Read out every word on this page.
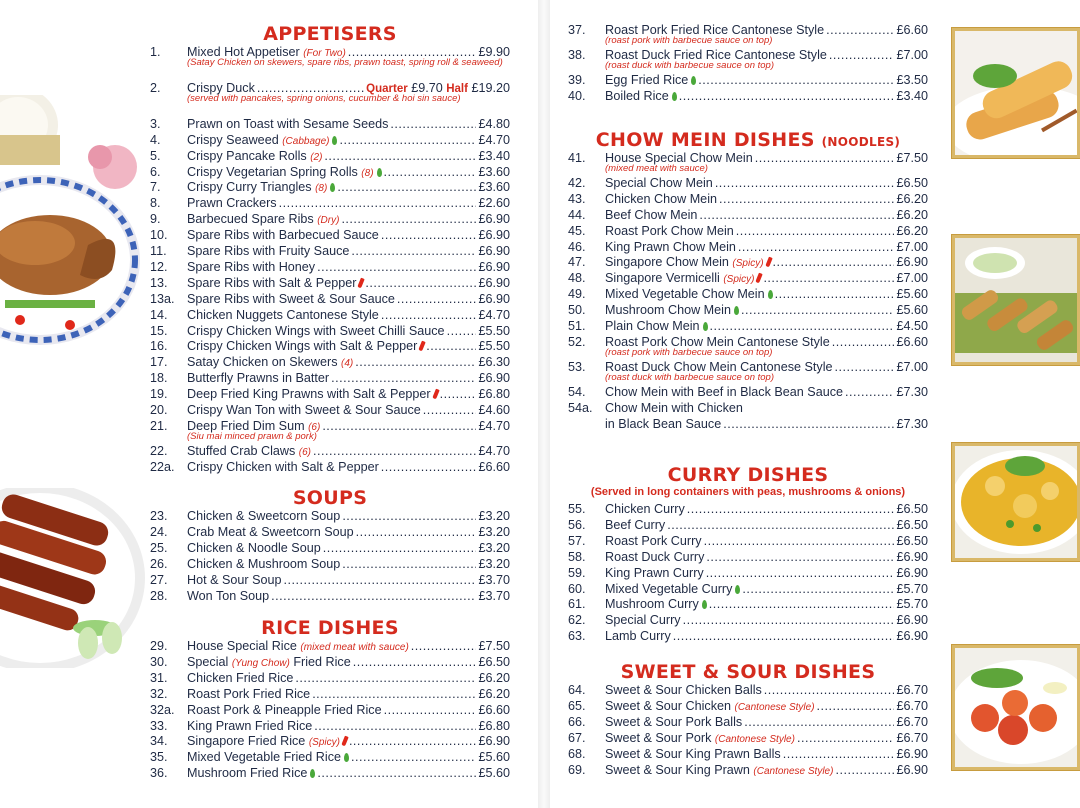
APPETISERS
1.	Mixed Hot Appetiser (For Two) .....	£9.90
(Satay Chicken on skewers, spare ribs, prawn toast, spring roll & seaweed)
2.	Crispy Duck .....	Quarter £9.70 Half £19.20
(served with pancakes, spring onions, cucumber & hoi sin sauce)
3.	Prawn on Toast with Sesame Seeds .....	£4.80
4.	Crispy Seaweed (Cabbage) .....	£4.70
5.	Crispy Pancake Rolls (2) .....	£3.40
6.	Crispy Vegetarian Spring Rolls (8) .....	£3.60
7.	Crispy Curry Triangles (8) .....	£3.60
8.	Prawn Crackers .....	£2.60
9.	Barbecued Spare Ribs (Dry) .....	£6.90
10.	Spare Ribs with Barbecued Sauce .....	£6.90
11.	Spare Ribs with Fruity Sauce .....	£6.90
12.	Spare Ribs with Honey .....	£6.90
13.	Spare Ribs with Salt & Pepper .....	£6.90
13a. Spare Ribs with Sweet & Sour Sauce .....	£6.90
14.	Chicken Nuggets Cantonese Style .....	£4.70
15.	Crispy Chicken Wings with Sweet Chilli Sauce .....	£5.50
16.	Crispy Chicken Wings with Salt & Pepper .....	£5.50
17.	Satay Chicken on Skewers (4) .....	£6.30
18.	Butterfly Prawns in Batter .....	£6.90
19.	Deep Fried King Prawns with Salt & Pepper .....	£6.80
20.	Crispy Wan Ton with Sweet & Sour Sauce .....	£4.60
21.	Deep Fried Dim Sum (6) .....	£4.70
(Siu mai minced prawn & pork)
22.	Stuffed Crab Claws (6) .....	£4.70
22a. Crispy Chicken with Salt & Pepper .....	£6.60
SOUPS
23.	Chicken & Sweetcorn Soup .....	£3.20
24.	Crab Meat & Sweetcorn Soup .....	£3.20
25.	Chicken & Noodle Soup .....	£3.20
26.	Chicken & Mushroom Soup .....	£3.20
27.	Hot & Sour Soup .....	£3.70
28.	Won Ton Soup .....	£3.70
RICE DISHES
29.	House Special Rice (mixed meat with sauce) .....	£7.50
30.	Special (Yung Chow) Fried Rice .....	£6.50
31.	Chicken Fried Rice .....	£6.20
32.	Roast Pork Fried Rice .....	£6.20
32a. Roast Pork & Pineapple Fried Rice .....	£6.60
33.	King Prawn Fried Rice .....	£6.80
34.	Singapore Fried Rice (Spicy) .....	£6.90
35.	Mixed Vegetable Fried Rice .....	£5.60
36.	Mushroom Fried Rice .....	£5.60
37.	Roast Pork Fried Rice Cantonese Style .....	£6.60
(roast pork with barbecue sauce on top)
38.	Roast Duck Fried Rice Cantonese Style .....	£7.00
(roast duck with barbecue sauce on top)
39.	Egg Fried Rice .....	£3.50
40.	Boiled Rice .....	£3.40
CHOW MEIN DISHES (NOODLES)
41.	House Special Chow Mein .....	£7.50
(mixed meat with sauce)
42.	Special Chow Mein .....	£6.50
43.	Chicken Chow Mein .....	£6.20
44.	Beef Chow Mein .....	£6.20
45.	Roast Pork Chow Mein .....	£6.20
46.	King Prawn Chow Mein .....	£7.00
47.	Singapore Chow Mein (Spicy) .....	£6.90
48.	Singapore Vermicelli (Spicy) .....	£7.00
49.	Mixed Vegetable Chow Mein .....	£5.60
50.	Mushroom Chow Mein .....	£5.60
51.	Plain Chow Mein .....	£4.50
52.	Roast Pork Chow Mein Cantonese Style .....	£6.60
(roast pork with barbecue sauce on top)
53.	Roast Duck Chow Mein Cantonese Style .....	£7.00
(roast duck with barbecue sauce on top)
54.	Chow Mein with Beef in Black Bean Sauce .....	£7.30
54a. Chow Mein with Chicken
in Black Bean Sauce .....	£7.30
CURRY DISHES
(Served in long containers with peas, mushrooms & onions)
55.	Chicken Curry .....	£6.50
56.	Beef Curry .....	£6.50
57.	Roast Pork Curry .....	£6.50
58.	Roast Duck Curry .....	£6.90
59.	King Prawn Curry .....	£6.90
60.	Mixed Vegetable Curry .....	£5.70
61.	Mushroom Curry .....	£5.70
62.	Special Curry .....	£6.90
63.	Lamb Curry .....	£6.90
SWEET & SOUR DISHES
64.	Sweet & Sour Chicken Balls .....	£6.70
65.	Sweet & Sour Chicken (Cantonese Style) .....	£6.70
66.	Sweet & Sour Pork Balls .....	£6.70
67.	Sweet & Sour Pork (Cantonese Style) .....	£6.70
68.	Sweet & Sour King Prawn Balls .....	£6.90
69.	Sweet & Sour King Prawn (Cantonese Style) .....	£6.90
